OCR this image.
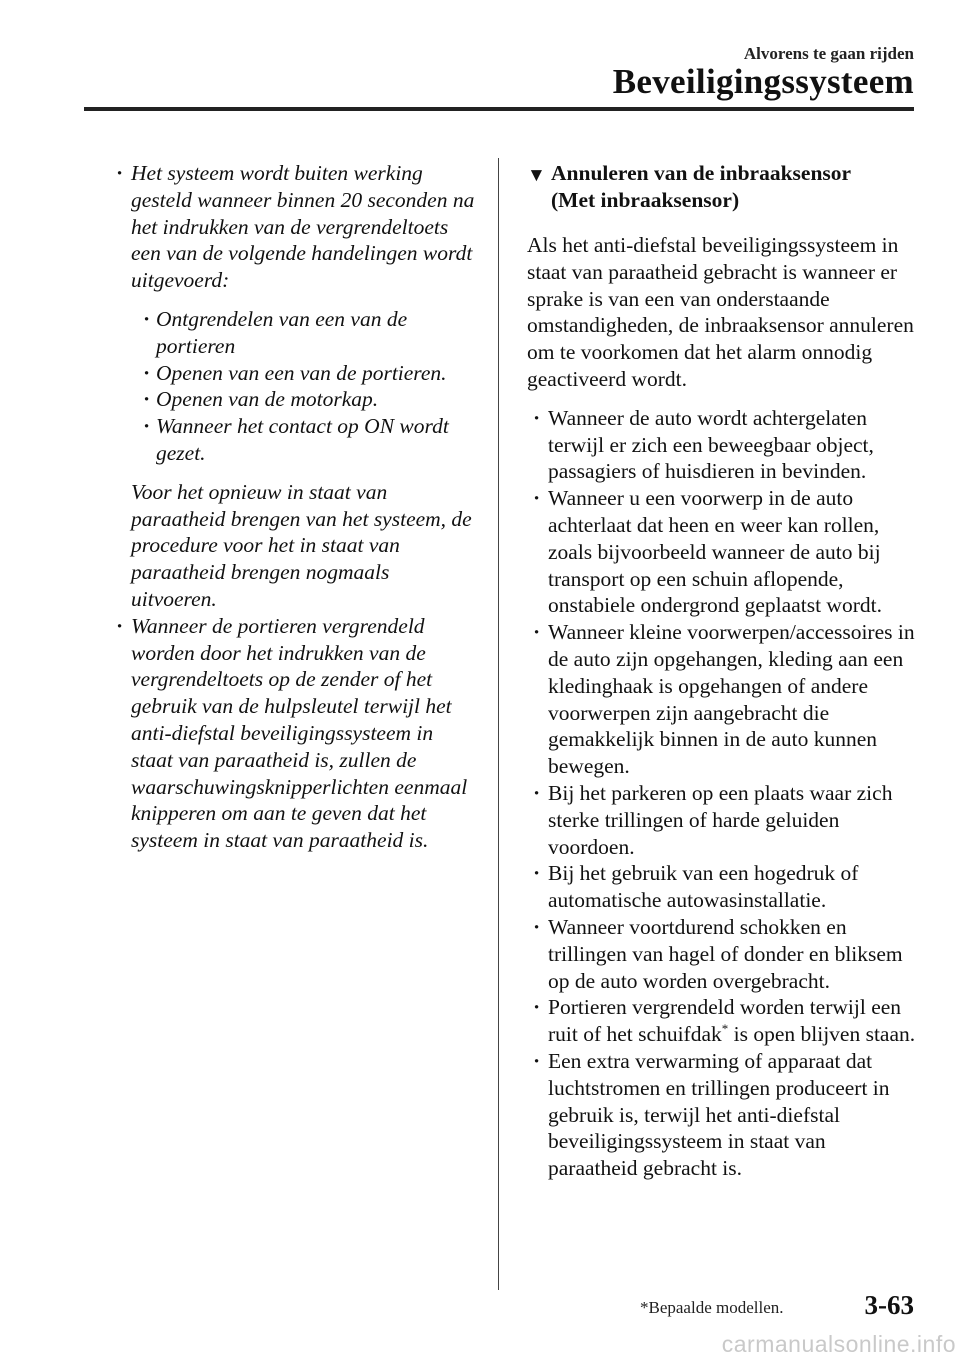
Alvorens te gaan rijden
Beveiligingssysteem
· Het systeem wordt buiten werking gesteld wanneer binnen 20 seconden na het indrukken van de vergrendeltoets een van de volgende handelingen wordt uitgevoerd:
· Ontgrendelen van een van de portieren
· Openen van een van de portieren.
· Openen van de motorkap.
· Wanneer het contact op ON wordt gezet.

Voor het opnieuw in staat van paraatheid brengen van het systeem, de procedure voor het in staat van paraatheid brengen nogmaals uitvoeren.

· Wanneer de portieren vergrendeld worden door het indrukken van de vergrendeltoets op de zender of het gebruik van de hulpsleutel terwijl het anti-diefstal beveiligingssysteem in staat van paraatheid is, zullen de waarschuwingsknipperlichten eenmaal knipperen om aan te geven dat het systeem in staat van paraatheid is.
▼ Annuleren van de inbraaksensor
(Met inbraaksensor)

Als het anti-diefstal beveiligingssysteem in staat van paraatheid gebracht is wanneer er sprake is van een van onderstaande omstandigheden, de inbraaksensor annuleren om te voorkomen dat het alarm onnodig geactiveerd wordt.

· Wanneer de auto wordt achtergelaten terwijl er zich een beweegbaar object, passagiers of huisdieren in bevinden.
· Wanneer u een voorwerp in de auto achterlaat dat heen en weer kan rollen, zoals bijvoorbeeld wanneer de auto bij transport op een schuin aflopende, onstabiele ondergrond geplaatst wordt.
· Wanneer kleine voorwerpen/accessoires in de auto zijn opgehangen, kleding aan een kledinghaak is opgehangen of andere voorwerpen zijn aangebracht die gemakkelijk binnen in de auto kunnen bewegen.
· Bij het parkeren op een plaats waar zich sterke trillingen of harde geluiden voordoen.
· Bij het gebruik van een hogedruk of automatische autowasinstallatie.
· Wanneer voortdurend schokken en trillingen van hagel of donder en bliksem op de auto worden overgebracht.
· Portieren vergrendeld worden terwijl een ruit of het schuifdak* is open blijven staan.
· Een extra verwarming of apparaat dat luchtstromen en trillingen produceert in gebruik is, terwijl het anti-diefstal beveiligingssysteem in staat van paraatheid gebracht is.
*Bepaalde modellen.	3-63
carmanualsonline.info
